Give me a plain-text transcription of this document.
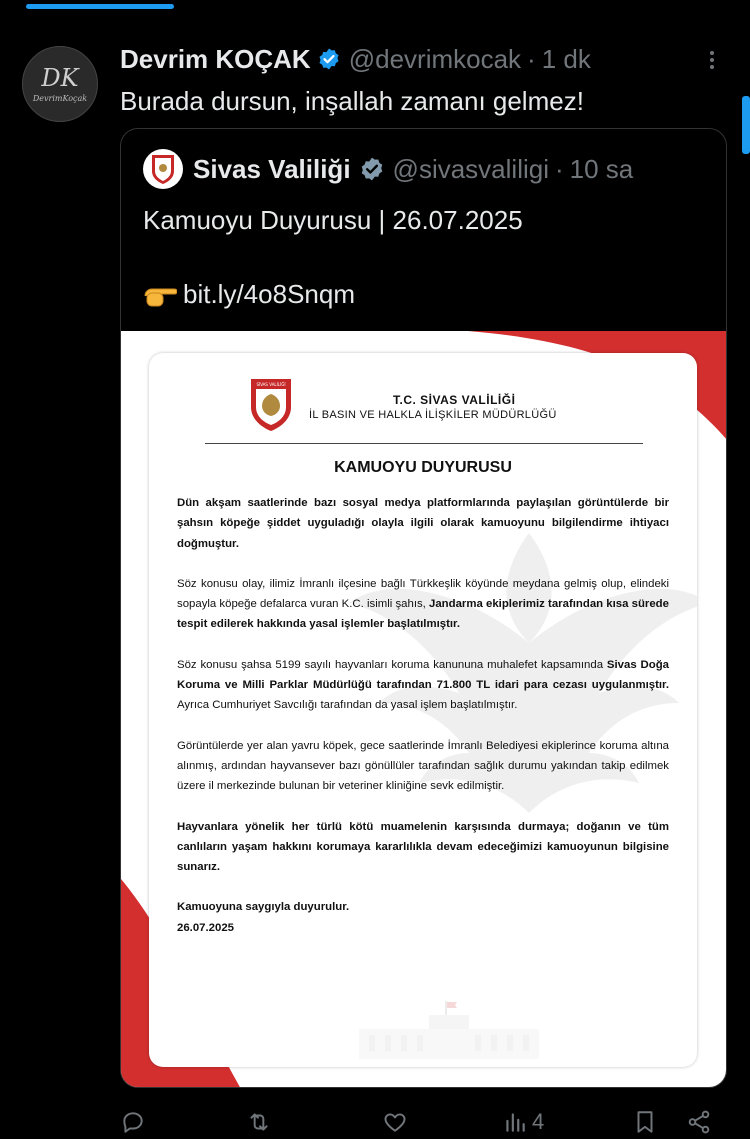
DK
DevrimKoçak
Devrim KOÇAK @devrimkocak · 1 dk
Burada dursun, inşallah zamanı gelmez!
Sivas Valiliği @sivasvaliligi · 10 sa
Kamuoyu Duyurusu | 26.07.2025
bit.ly/4o8Snqm
SİVAS VALİLİĞİ
T.C. SİVAS VALİLİĞİ
İL BASIN VE HALKLA İLİŞKİLER MÜDÜRLÜĞÜ
KAMUOYU DUYURUSU

Dün akşam saatlerinde bazı sosyal medya platformlarında paylaşılan görüntülerde bir şahsın köpeğe şiddet uyguladığı olayla ilgili olarak kamuoyunu bilgilendirme ihtiyacı doğmuştur.

Söz konusu olay, ilimiz İmranlı ilçesine bağlı Türkkeşlik köyünde meydana gelmiş olup, elindeki sopayla köpeğe defalarca vuran K.C. isimli şahıs, Jandarma ekiplerimiz tarafından kısa sürede tespit edilerek hakkında yasal işlemler başlatılmıştır.

Söz konusu şahsa 5199 sayılı hayvanları koruma kanununa muhalefet kapsamında Sivas Doğa Koruma ve Milli Parklar Müdürlüğü tarafından 71.800 TL idari para cezası uygulanmıştır. Ayrıca Cumhuriyet Savcılığı tarafından da yasal işlem başlatılmıştır.

Görüntülerde yer alan yavru köpek, gece saatlerinde İmranlı Belediyesi ekiplerince koruma altına alınmış, ardından hayvansever bazı gönüllüler tarafından sağlık durumu yakından takip edilmek üzere il merkezinde bulunan bir veteriner kliniğine sevk edilmiştir.

Hayvanlara yönelik her türlü kötü muamelenin karşısında durmaya; doğanın ve tüm canlıların yaşam hakkını korumaya kararlılıkla devam edeceğimizi kamuoyunun bilgisine sunarız.

Kamuoyuna saygıyla duyurulur.

26.07.2025

4
